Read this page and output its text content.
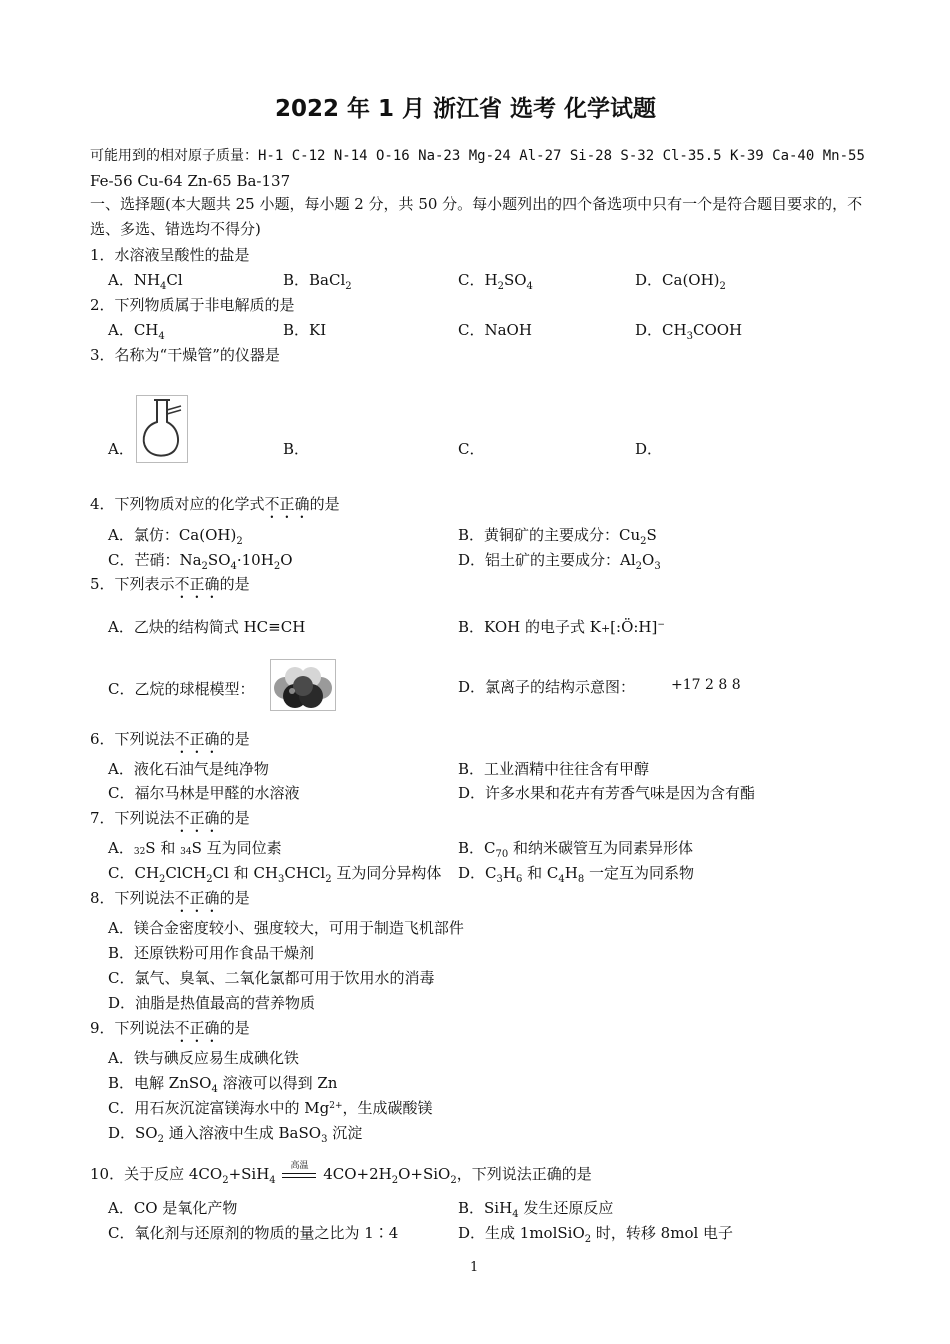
2022 年 1 月 浙江省 选考 化学试题
可能用到的相对原子质量：H-1 C-12 N-14 O-16 Na-23 Mg-24 Al-27 Si-28 S-32 Cl-35.5 K-39 Ca-40 Mn-55
Fe-56 Cu-64 Zn-65 Ba-137
一、选择题(本大题共 25 小题，每小题 2 分，共 50 分。每小题列出的四个备选项中只有一个是符合题目要求的，不选、多选、错选均不得分)
1．水溶液呈酸性的盐是
A．$NH_4Cl$	B．BaCl$_2$	C．$H_2SO_4$	D．$Ca(OH)_2$
2．下列物质属于非电解质的是
A．$CH_4$	B．KI	C．NaOH	D．$CH_3COOH$
3．名称为“干燥管”的仪器是
A．	B．	C．	D．
4．下列物质对应的化学式不正确的是
A．氯仿：$Ca(OH)_2$	B．黄铜矿的主要成分：$Cu_2S$
C．芒硝：$Na_2SO_4\cdot 10H_2O$	D．铝土矿的主要成分：$Al_2O_3$
5．下列表示不正确的是
A．乙炔的结构简式 HC≡CH	B．KOH 的电子式 K+[:Ö:H]−
C．乙烷的球棍模型：	D．氯离子的结构示意图：	+17 2 8 8
6．下列说法不正确的是
A．液化石油气是纯净物	B．工业酒精中往往含有甲醇
C．福尔马林是甲醛的水溶液	D．许多水果和花卉有芳香气味是因为含有酯
7．下列说法不正确的是
A．32S 和 34S 互为同位素	B．$C_{70}$ 和纳米碳管互为同素异形体
C．$CH_2ClCH_2Cl$ 和 $CH_3CHCl_2$ 互为同分异构体 D．$C_3H_6$ 和 $C_4H_8$ 一定互为同系物
8．下列说法不正确的是
A．镁合金密度较小、强度较大，可用于制造飞机部件
B．还原铁粉可用作食品干燥剂
C．氯气、臭氧、二氧化氯都可用于饮用水的消毒
D．油脂是热值最高的营养物质
9．下列说法不正确的是
A．铁与碘反应易生成碘化铁
B．电解 ZnSO$_4$ 溶液可以得到 Zn
C．用石灰沉淀富镁海水中的 $Mg^{2+}$，生成碳酸镁
D．$SO_2$ 通入溶液中生成 BaSO$_3$ 沉淀
10．关于反应 $4CO_2+SiH_4$
高温 $4CO+2H_2O+SiO_2$，下列说法正确的是
A．CO 是氧化产物	B．SiH$_4$ 发生还原反应
C．氧化剂与还原剂的物质的量之比为 1∶4	D．生成 1molSiO$_2$ 时，转移 8mol 电子
1
